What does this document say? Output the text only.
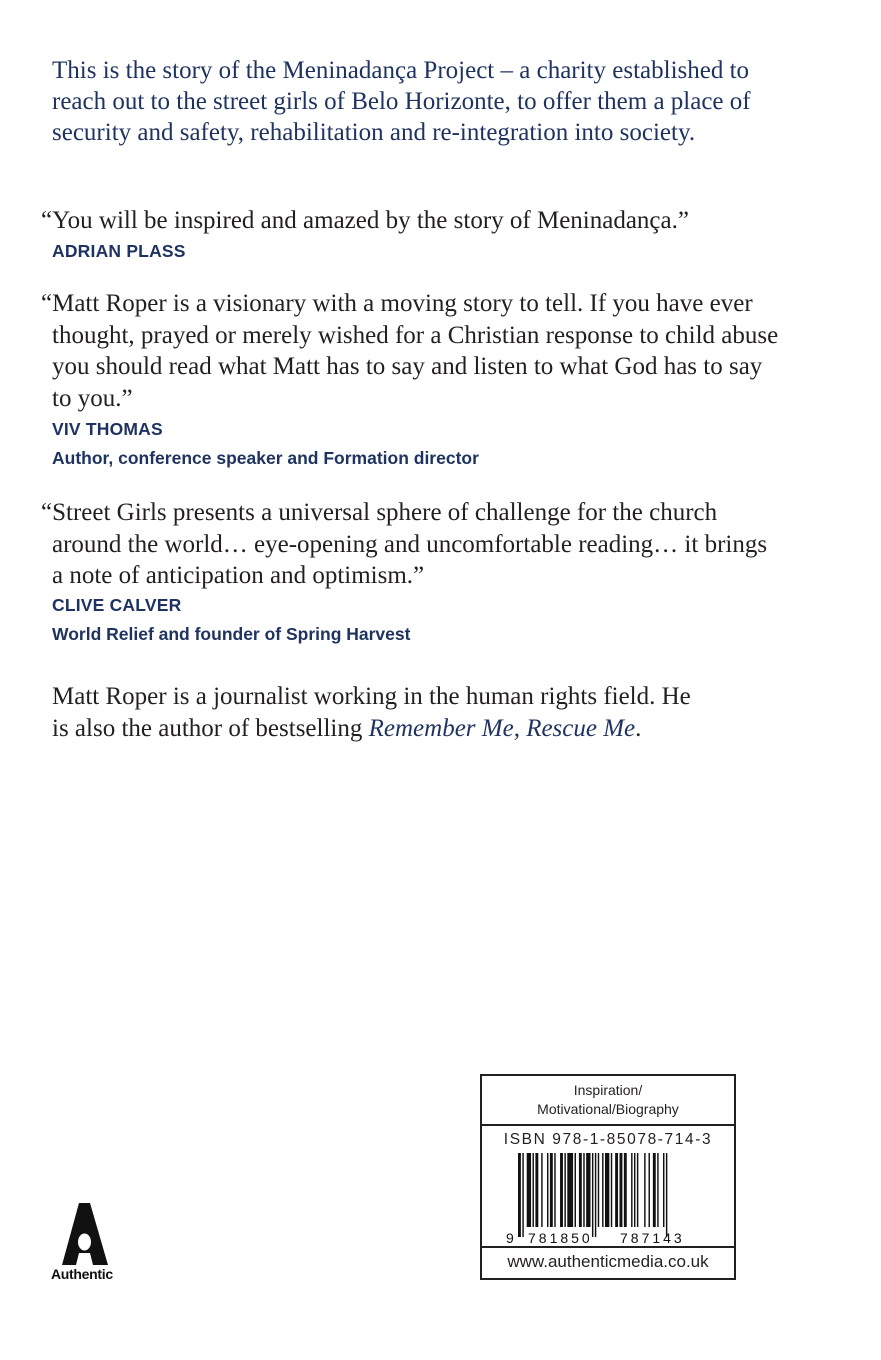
This is the story of the Meninadança Project – a charity established to reach out to the street girls of Belo Horizonte, to offer them a place of security and safety, rehabilitation and re-integration into society.

“You will be inspired and amazed by the story of Meninadança.”

ADRIAN PLASS

“Matt Roper is a visionary with a moving story to tell. If you have ever thought, prayed or merely wished for a Christian response to child abuse you should read what Matt has to say and listen to what God has to say to you.”

VIV THOMAS

Author, conference speaker and Formation director

“Street Girls presents a universal sphere of challenge for the church around the world… eye-opening and uncomfortable reading… it brings a note of anticipation and optimism.”

CLIVE CALVER

World Relief and founder of Spring Harvest

Matt Roper is a journalist working in the human rights field. He is also the author of bestselling Remember Me, Rescue Me.

Authentic
Inspiration/
Motivational/Biography
ISBN 978-1-85078-714-3
9 781850 787143
www.authenticmedia.co.uk
